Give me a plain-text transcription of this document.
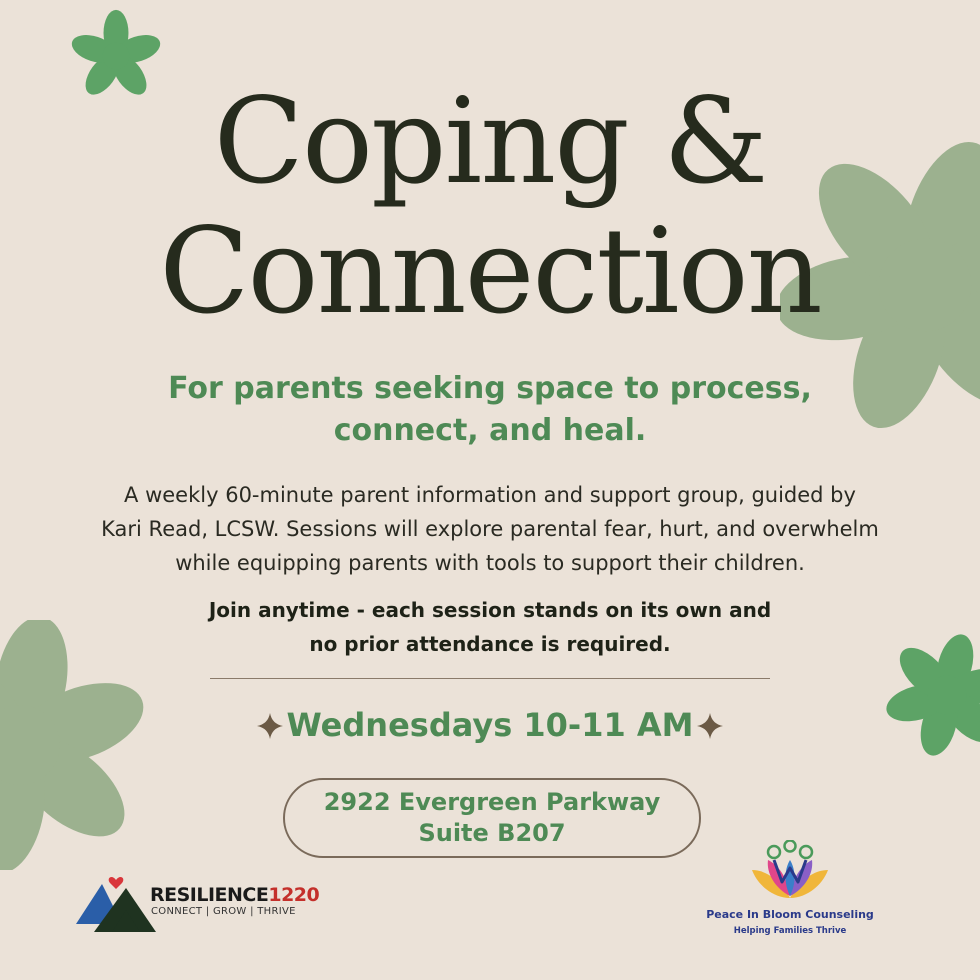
Coping &
Connection
For parents seeking space to process,
connect, and heal.
A weekly 60-minute parent information and support group, guided by
Kari Read, LCSW. Sessions will explore parental fear, hurt, and overwhelm
while equipping parents with tools to support their children.
Join anytime - each session stands on its own and
no prior attendance is required.
Wednesdays 10-11 AM
2922 Evergreen Parkway
Suite B207
RESILIENCE1220
CONNECT | GROW | THRIVE	Peace In Bloom Counseling
Helping Families Thrive
